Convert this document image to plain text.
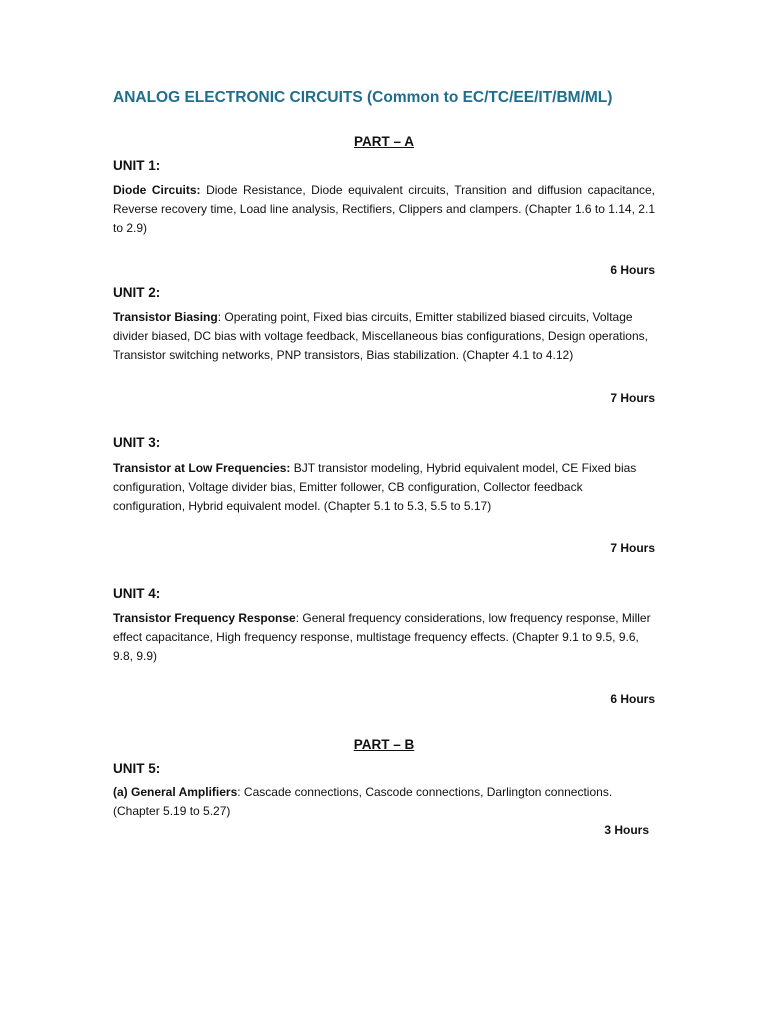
ANALOG ELECTRONIC CIRCUITS (Common to EC/TC/EE/IT/BM/ML)
PART – A
UNIT 1:
Diode Circuits: Diode Resistance, Diode equivalent circuits, Transition and diffusion capacitance, Reverse recovery time, Load line analysis, Rectifiers, Clippers and clampers. (Chapter 1.6 to 1.14, 2.1 to 2.9)
6 Hours
UNIT 2:
Transistor Biasing: Operating point, Fixed bias circuits, Emitter stabilized biased circuits, Voltage divider biased, DC bias with voltage feedback, Miscellaneous bias configurations, Design operations, Transistor switching networks, PNP transistors, Bias stabilization. (Chapter 4.1 to 4.12)
7 Hours
UNIT 3:
Transistor at Low Frequencies: BJT transistor modeling, Hybrid equivalent model, CE Fixed bias configuration, Voltage divider bias, Emitter follower, CB configuration, Collector feedback configuration, Hybrid equivalent model. (Chapter 5.1 to 5.3, 5.5 to 5.17)
7 Hours
UNIT 4:
Transistor Frequency Response: General frequency considerations, low frequency response, Miller effect capacitance, High frequency response, multistage frequency effects. (Chapter 9.1 to 9.5, 9.6, 9.8, 9.9)
6 Hours
PART – B
UNIT 5:
(a) General Amplifiers: Cascade connections, Cascode connections, Darlington connections. (Chapter 5.19 to 5.27)
3 Hours
